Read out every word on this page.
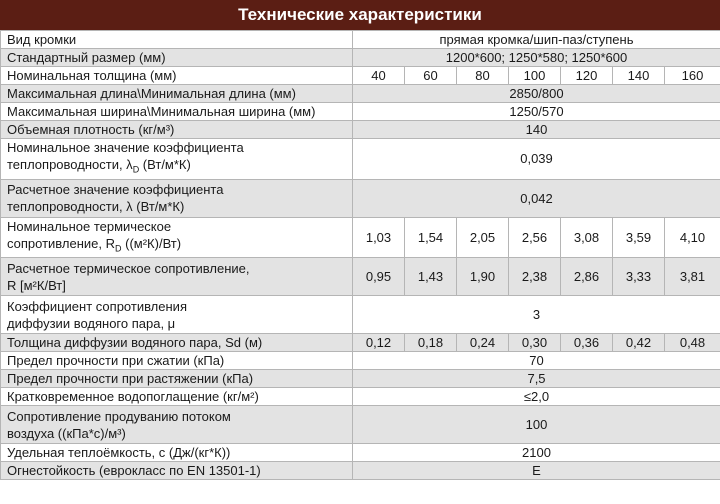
Технические характеристики
Вид кромки	прямая кромка/шип-паз/ступень						
Стандартный размер (мм)	1200*600; 1250*580; 1250*600						
Номинальная толщина (мм)	40	60	80	100	120	140	160
Максимальная длина\Минимальная длина (мм)	2850/800						
Максимальная ширина\Минимальная ширина (мм)	1250/570						
Объемная плотность (кг/м³)	140						

Номинальное значение коэффициента
теплопроводности, $\lambda_D$ (Вт/м*К)	0,039						

Расчетное значение коэффициента
теплопроводности, λ (Вт/м*К)	0,042						

Номинальное термическое
сопротивление, $R_D$ ((м²К)/Вт)	1,03	1,54	2,05	2,56	3,08	3,59	4,10

Расчетное термическое сопротивление,
R [м²К/Вт]	0,95	1,43	1,90	2,38	2,86	3,33	3,81

Коэффициент сопротивления
диффузии водяного пара, μ	3						
Толщина диффузии водяного пара, Sd (м)	0,12	0,18	0,24	0,30	0,36	0,42	0,48
Предел прочности при сжатии (кПа)	70						
Предел прочности при растяжении (кПа)	7,5						
Кратковременное водопоглащение (кг/м²)	≤2,0						

Сопротивление продуванию потоком
воздуха ((кПа*с)/м³)	100						
Удельная теплоёмкость, с (Дж/(кг*К))	2100						
Огнестойкость (еврокласс по EN 13501-1)	E						
